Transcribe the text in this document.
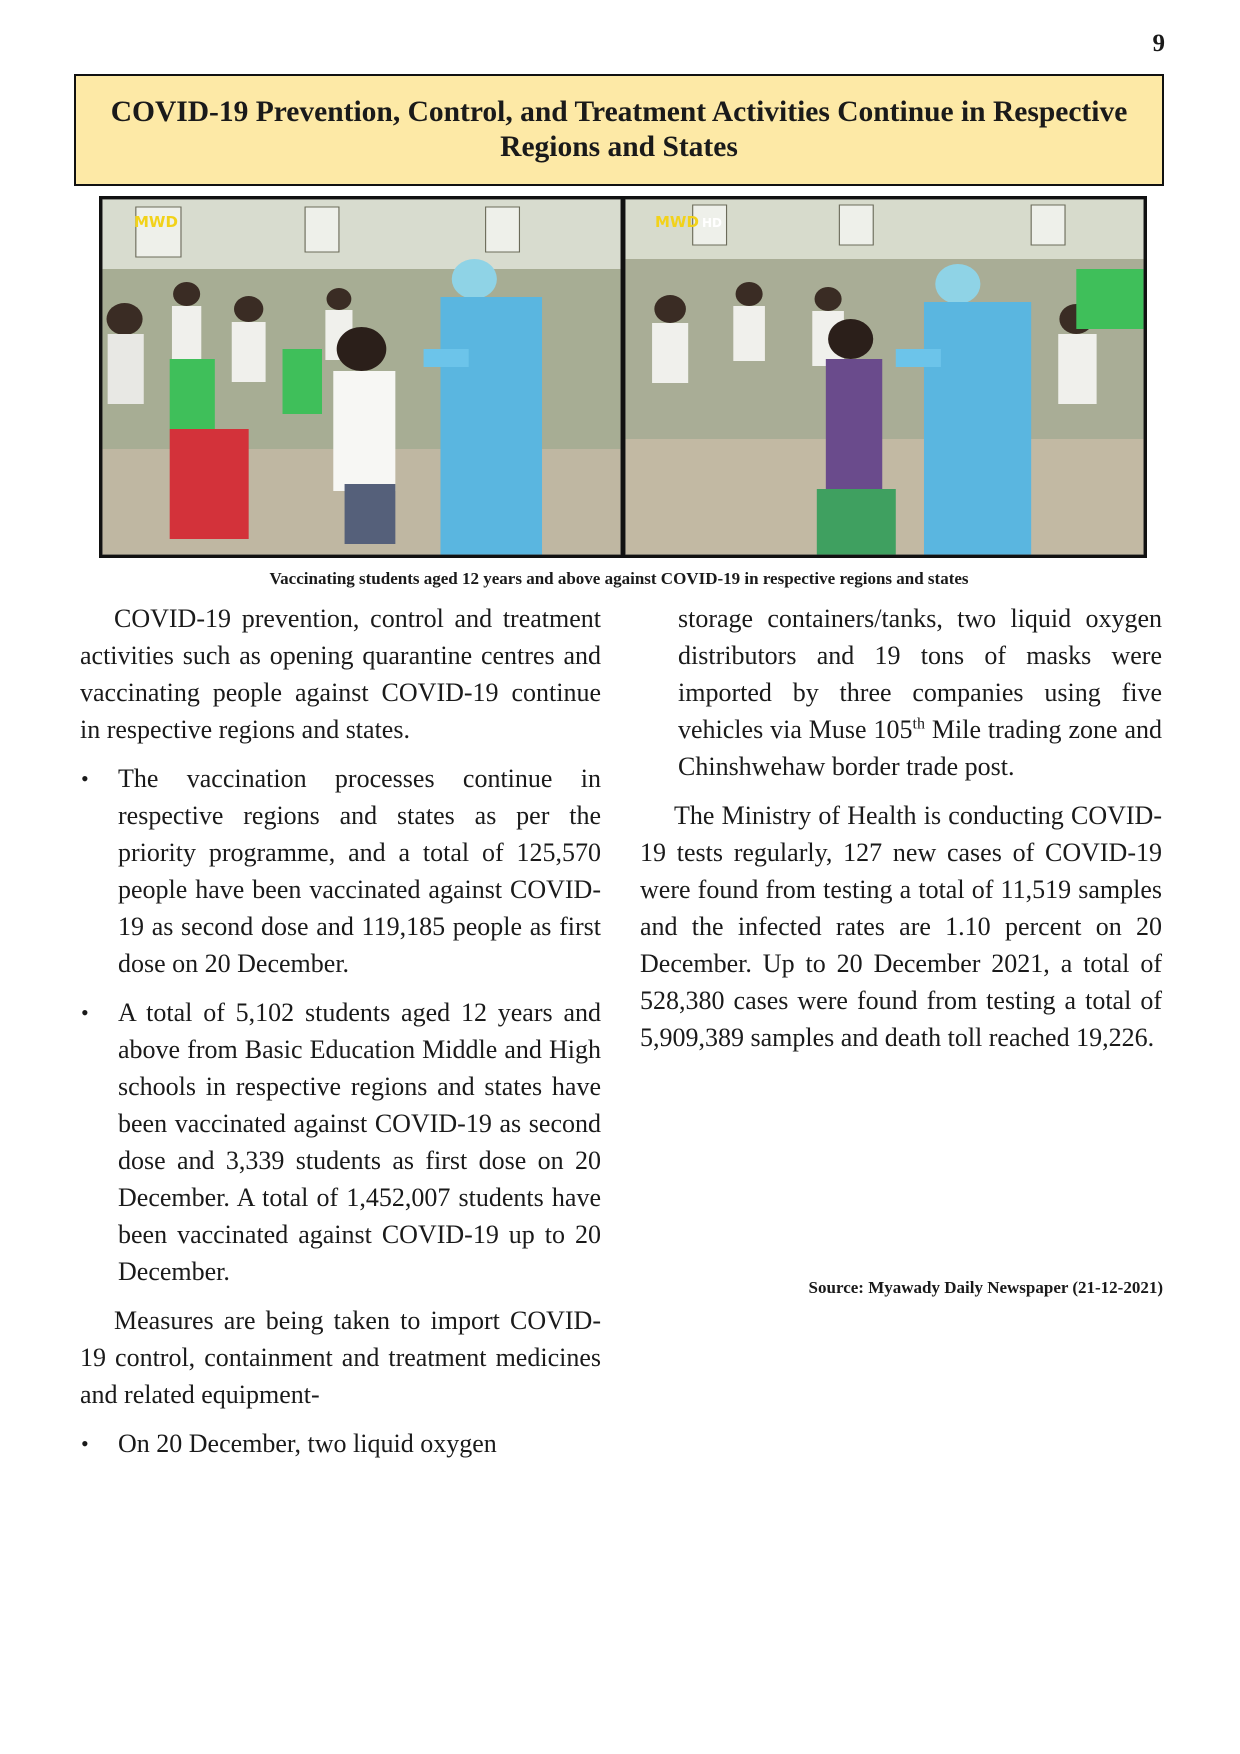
9
COVID-19 Prevention, Control, and Treatment Activities Continue in Respective Regions and States
MWD	MWD HD
Vaccinating students aged 12 years and above against COVID-19 in respective regions and states

COVID-19 prevention, control and treatment activities such as opening quarantine centres and vaccinating people against COVID-19 continue in respective regions and states.

• The vaccination processes continue in respective regions and states as per the priority programme, and a total of 125,570 people have been vaccinated against COVID-19 as second dose and 119,185 people as first dose on 20 December.
• A total of 5,102 students aged 12 years and above from Basic Education Middle and High schools in respective regions and states have been vaccinated against COVID-19 as second dose and 3,339 students as first dose on 20 December. A total of 1,452,007 students have been vaccinated against COVID-19 up to 20 December.

Measures are being taken to import COVID-19 control, containment and treatment medicines and related equipment-

• On 20 December, two liquid oxygen

storage containers/tanks, two liquid oxygen distributors and 19 tons of masks were imported by three companies using five vehicles via Muse 105th Mile trading zone and Chinshwehaw border trade post.

The Ministry of Health is conducting COVID-19 tests regularly, 127 new cases of COVID-19 were found from testing a total of 11,519 samples and the infected rates are 1.10 percent on 20 December. Up to 20 December 2021, a total of 528,380 cases were found from testing a total of 5,909,389 samples and death toll reached 19,226.

Source: Myawady Daily Newspaper (21-12-2021)
